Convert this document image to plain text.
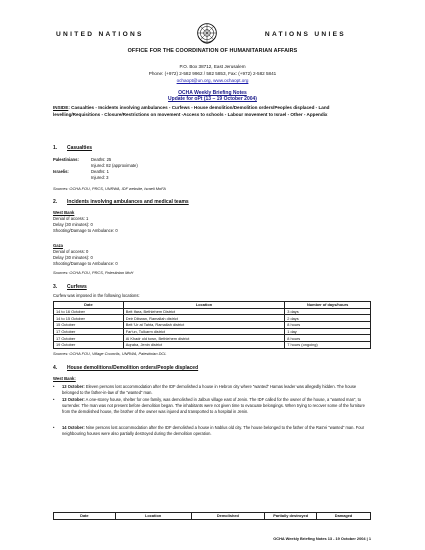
UNITED NATIONS	NATIONS UNIES
OFFICE FOR THE COORDINATION OF HUMANITARIAN AFFAIRS
P.O. Box 38712, East Jerusalem
Phone: (+972) 2-582 9962 / 582 5853, Fax: (+972) 2-582 5841
ochaopt@un.org, www.ochaopt.org
OCHA Weekly Briefing Notes
Update for oPt (13 – 19 October 2004)
INSIDE: Casualties - Incidents involving ambulances - Curfews - House demolition/Demolition orders/Peoples displaced - Land levelling/Requisitions - Closure/Restrictions on movement -Access to schools - Labour movement to Israel - Other - Appendix
1. Casualties
Palestinians:	Deaths: 25
Injured: 82 (approximate)
Israelis:	Deaths: 1
Injured: 3
Sources: OCHA FOU, PRCS, UNRWA, IDF website, Israeli MoFA
2. Incidents involving ambulances and medical teams
West Bank
Denial of access: 1
Delay (30 minutes): 0
Shooting/Damage to Ambulance: 0
Gaza
Denial of access: 0
Delay (30 minutes): 0
Shooting/Damage to Ambulance: 0
Sources: OCHA FOU, PRCS, Palestinian MoH
3. Curfews
Curfew was imposed in the following locations:
Date	Location	Number of days/hours
14 to 16 October	Beit Ifara, Bethlehem District	3 days
14 to 15 October	Deir Dibwan, Ramallah district	2 days
15 October	Beit 'Ur at Tahta, Ramallah district	8 hours
17 October	Far'un, Tulkarm district	1 day
17 October	Al Khadr old town, Bethlehem district	8 hours
19 October	Aqraba, Jenin district	7 hours (ongoing)
Sources: OCHA FOU, Village Councils, UNRWA, Palestinian DCL
4. House demolitions/Demolition orders/People displaced
West Bank:
• 13 October: Eleven persons lost accommodation after the IDF demolished a house in Hebron city where “wanted” Hamas leader was allegedly hidden. The house belonged to the father-in-law of the “wanted” man.
• 13 October: A one-storey house, shelter for one family, was demolished in Jalbun village east of Jenin. The IDF called for the owner of the house, a “wanted man”, to surrender. The man was not present before demolition began. The inhabitants were not given time to evacuate belongings. When trying to recover some of the furniture from the demolished house, the brother of the owner was injured and transported to a hospital in Jenin.
• 14 October: Nine persons lost accommodation after the IDF demolished a house in Nablus old city. The house belonged to the father of the Ras'ei “wanted” man. Four neighbouring houses were also partially destroyed during the demolition operation.
Date	Location	Demolished	Partially destroyed	Damaged
OCHA Weekly Briefing Notes 13 - 19 October 2004 | 1
